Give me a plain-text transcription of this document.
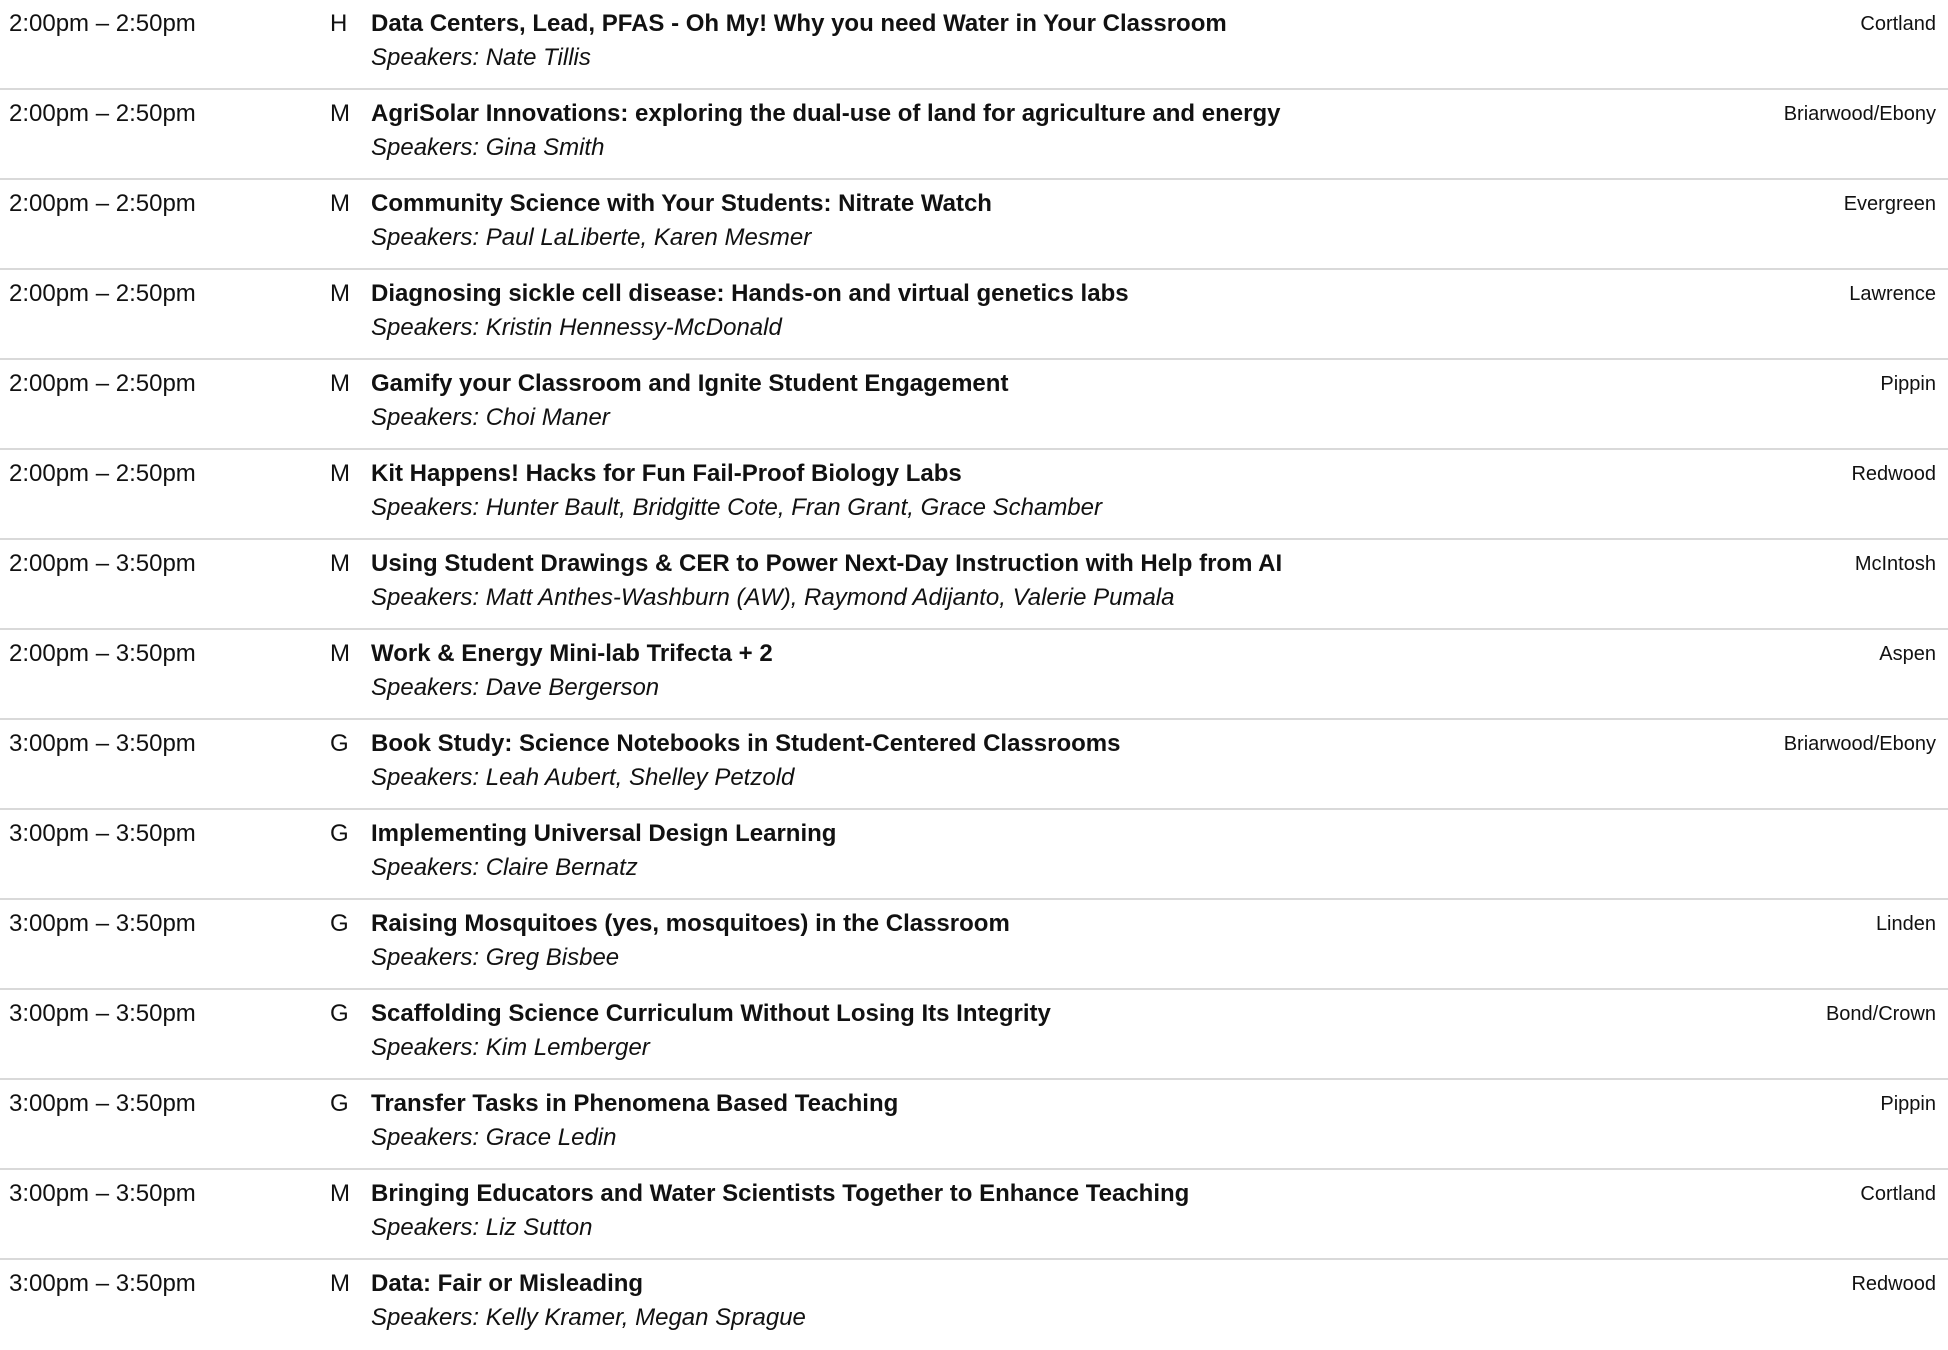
2:00pm – 2:50pm	H Data Centers, Lead, PFAS - Oh My! Why you need Water in Your Classroom
Speakers: Nate Tillis
Cortland
2:00pm – 2:50pm	M AgriSolar Innovations: exploring the dual-use of land for agriculture and energy
Speakers: Gina Smith
Briarwood/Ebony
2:00pm – 2:50pm	M Community Science with Your Students: Nitrate Watch
Speakers: Paul LaLiberte, Karen Mesmer
Evergreen
2:00pm – 2:50pm	M Diagnosing sickle cell disease: Hands-on and virtual genetics labs
Speakers: Kristin Hennessy-McDonald
Lawrence
2:00pm – 2:50pm	M Gamify your Classroom and Ignite Student Engagement
Speakers: Choi Maner
Pippin
2:00pm – 2:50pm	M Kit Happens! Hacks for Fun Fail-Proof Biology Labs
Speakers: Hunter Bault, Bridgitte Cote, Fran Grant, Grace Schamber
Redwood
2:00pm – 3:50pm	M Using Student Drawings & CER to Power Next-Day Instruction with Help from AI
Speakers: Matt Anthes-Washburn (AW), Raymond Adijanto, Valerie Pumala
McIntosh
2:00pm – 3:50pm	M Work & Energy Mini-lab Trifecta + 2
Speakers: Dave Bergerson
Aspen
3:00pm – 3:50pm	G Book Study: Science Notebooks in Student-Centered Classrooms
Speakers: Leah Aubert, Shelley Petzold
Briarwood/Ebony
3:00pm – 3:50pm	G Implementing Universal Design Learning
Speakers: Claire Bernatz
3:00pm – 3:50pm	G Raising Mosquitoes (yes, mosquitoes) in the Classroom
Speakers: Greg Bisbee
Linden
3:00pm – 3:50pm	G Scaffolding Science Curriculum Without Losing Its Integrity
Speakers: Kim Lemberger
Bond/Crown
3:00pm – 3:50pm	G Transfer Tasks in Phenomena Based Teaching
Speakers: Grace Ledin
Pippin
3:00pm – 3:50pm	M Bringing Educators and Water Scientists Together to Enhance Teaching
Speakers: Liz Sutton
Cortland
3:00pm – 3:50pm	M Data: Fair or Misleading
Speakers: Kelly Kramer, Megan Sprague
Redwood
